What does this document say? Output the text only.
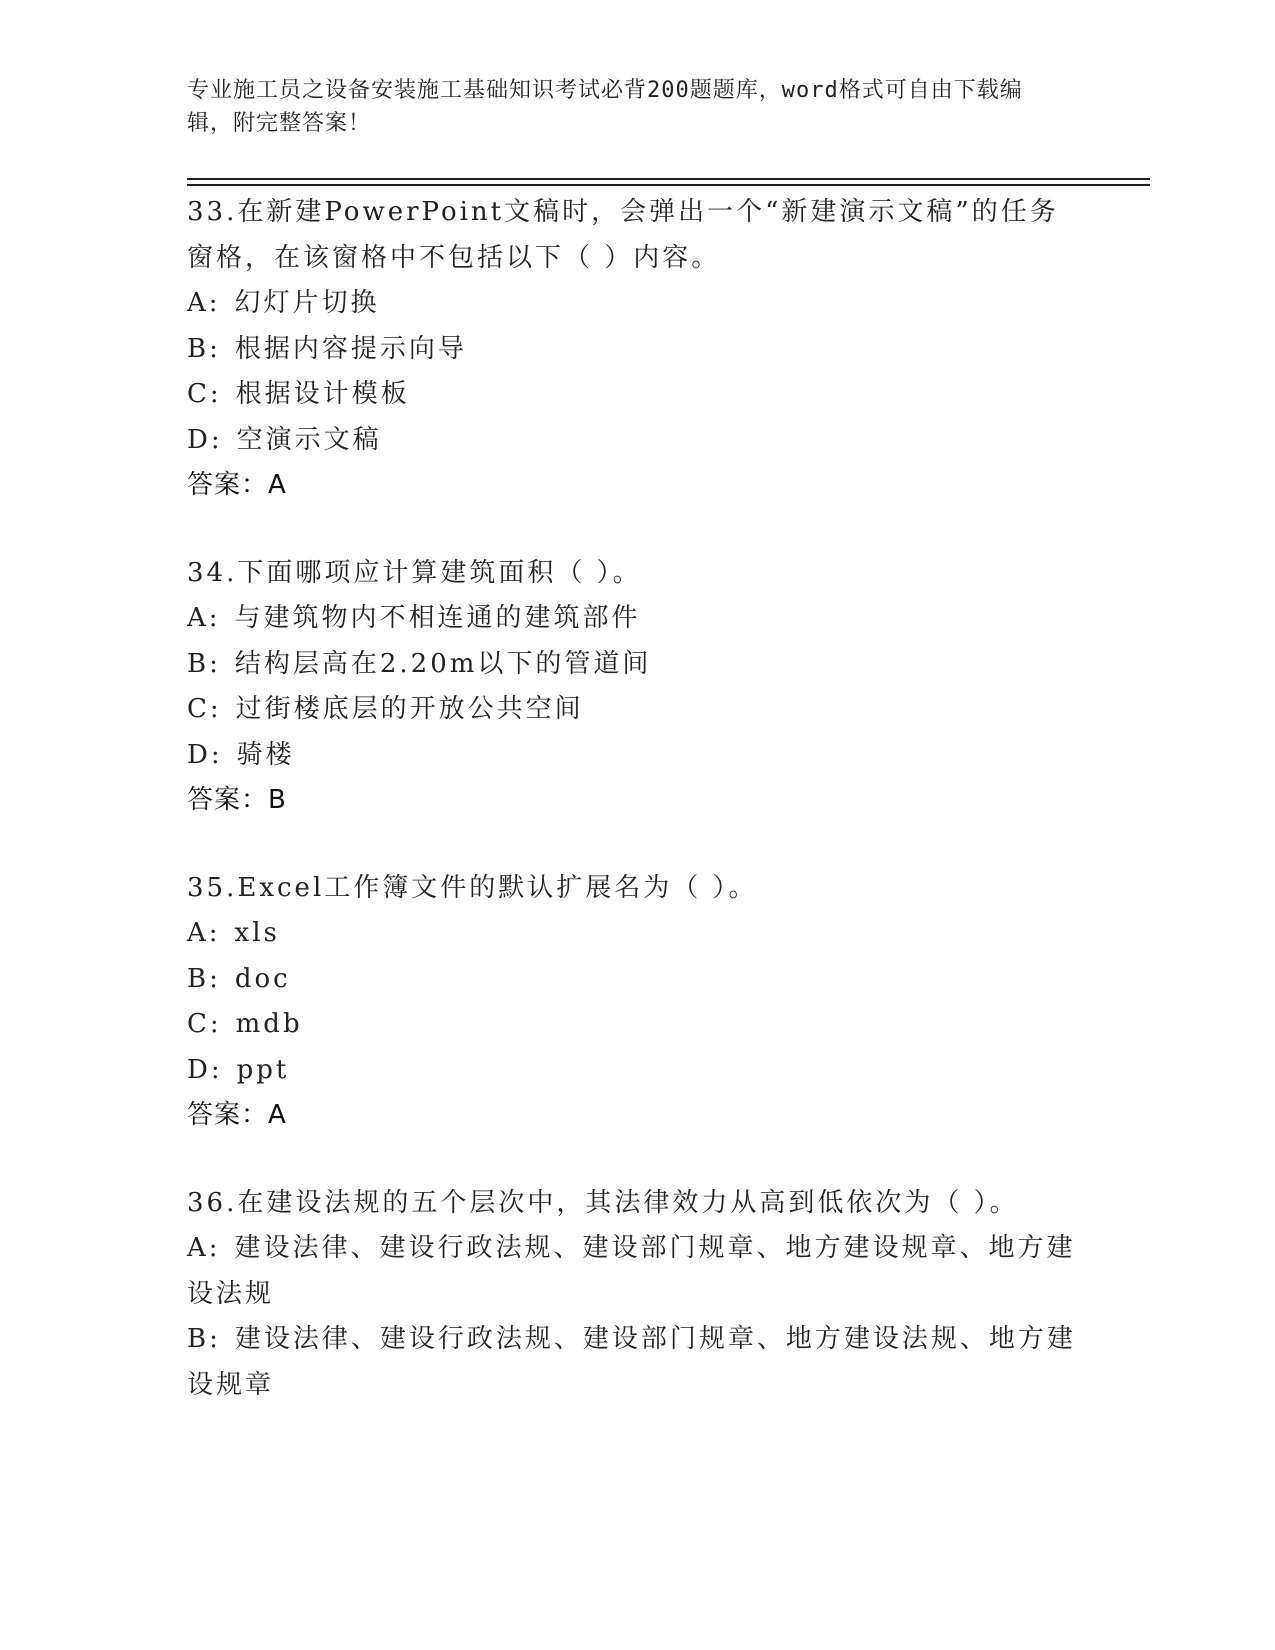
专业施工员之设备安装施工基础知识考试必背200题题库，word格式可自由下载编辑，附完整答案！
33.在新建PowerPoint文稿时，会弹出一个“新建演示文稿”的任务窗格，在该窗格中不包括以下（ ）内容。
A: 幻灯片切换
B: 根据内容提示向导
C: 根据设计模板
D: 空演示文稿
答案：A
34.下面哪项应计算建筑面积（ ）。
A: 与建筑物内不相连通的建筑部件
B: 结构层高在2.20m以下的管道间
C: 过街楼底层的开放公共空间
D: 骑楼
答案：B
35.Excel工作簿文件的默认扩展名为（ ）。
A: xls
B: doc
C: mdb
D: ppt
答案：A
36.在建设法规的五个层次中，其法律效力从高到低依次为（ ）。
A: 建设法律、建设行政法规、建设部门规章、地方建设规章、地方建设法规
B: 建设法律、建设行政法规、建设部门规章、地方建设法规、地方建设规章
